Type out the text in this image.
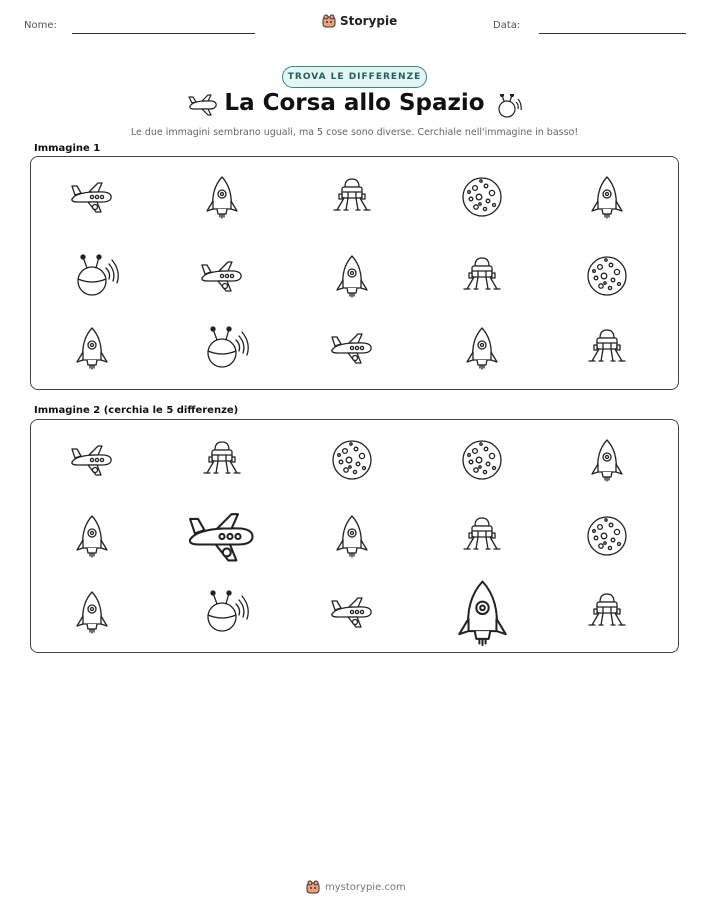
Nome:	Storypie	Data:
TROVA LE DIFFERENZE
La Corsa allo Spazio
Le due immagini sembrano uguali, ma 5 cose sono diverse. Cerchiale nell'immagine in basso!
Immagine 1
Immagine 2 (cerchia le 5 differenze)
mystorypie.com
